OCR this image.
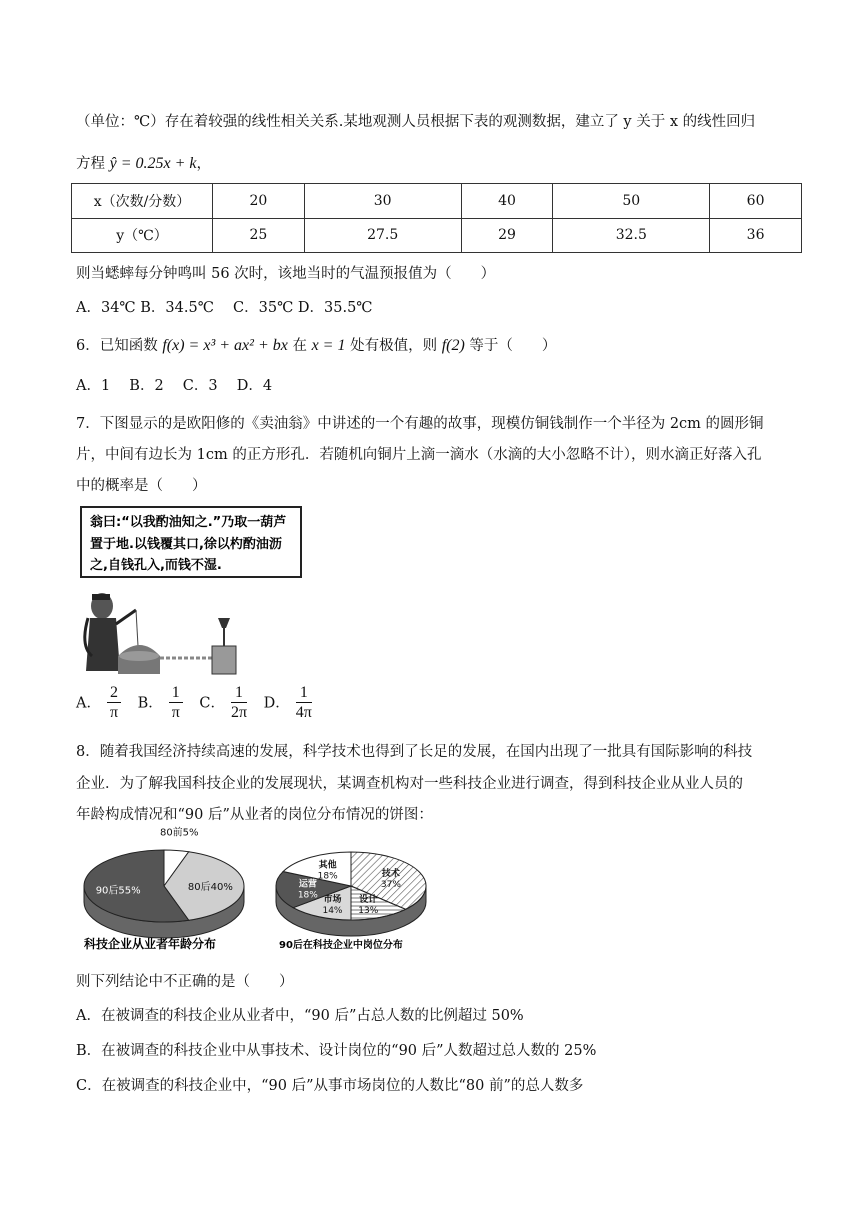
（单位：℃）存在着较强的线性相关关系.某地观测人员根据下表的观测数据，建立了 y 关于 x 的线性回归
方程 ŷ = 0.25x + k，
x（次数/分数）	20	30	40	50	60
y（℃）	25	27.5	29	32.5	36
则当蟋蟀每分钟鸣叫 56 次时，该地当时的气温预报值为（　　）
A．34℃ B．34.5℃　 C．35℃ D．35.5℃
6．已知函数 f(x) = x³ + ax² + bx 在 x = 1 处有极值，则 f(2) 等于（　　）
A．1　 B．2　 C．3　 D．4
7．下图显示的是欧阳修的《卖油翁》中讲述的一个有趣的故事，现模仿铜钱制作一个半径为 2cm 的圆形铜
片，中间有边长为 1cm 的正方形孔．若随机向铜片上滴一滴水（水滴的大小忽略不计），则水滴正好落入孔
中的概率是（　　）
翁曰:“以我酌油知之.”乃取一葫芦
置于地.以钱覆其口,徐以杓酌油沥
之,自钱孔入,而钱不湿.
A． $\frac{2}{\pi}$ B． $\frac{1}{\pi}$ C． $\frac{1}{2\pi}$ D． $\frac{1}{4\pi}$
8．随着我国经济持续高速的发展，科学技术也得到了长足的发展，在国内出现了一批具有国际影响的科技
企业．为了解我国科技企业的发展现状，某调查机构对一些科技企业进行调查，得到科技企业从业人员的
年龄构成情况和“90 后”从业者的岗位分布情况的饼图：
80前5%
80后40%
90后55%
技术
37%
设计
13%
市场
14%
运营
18%
其他
18%
科技企业从业者年龄分布	90后在科技企业中岗位分布
则下列结论中不正确的是（　　）
A．在被调查的科技企业从业者中，“90 后”占总人数的比例超过 50%
B．在被调查的科技企业中从事技术、设计岗位的“90 后”人数超过总人数的 25%
C．在被调查的科技企业中，“90 后”从事市场岗位的人数比“80 前”的总人数多
